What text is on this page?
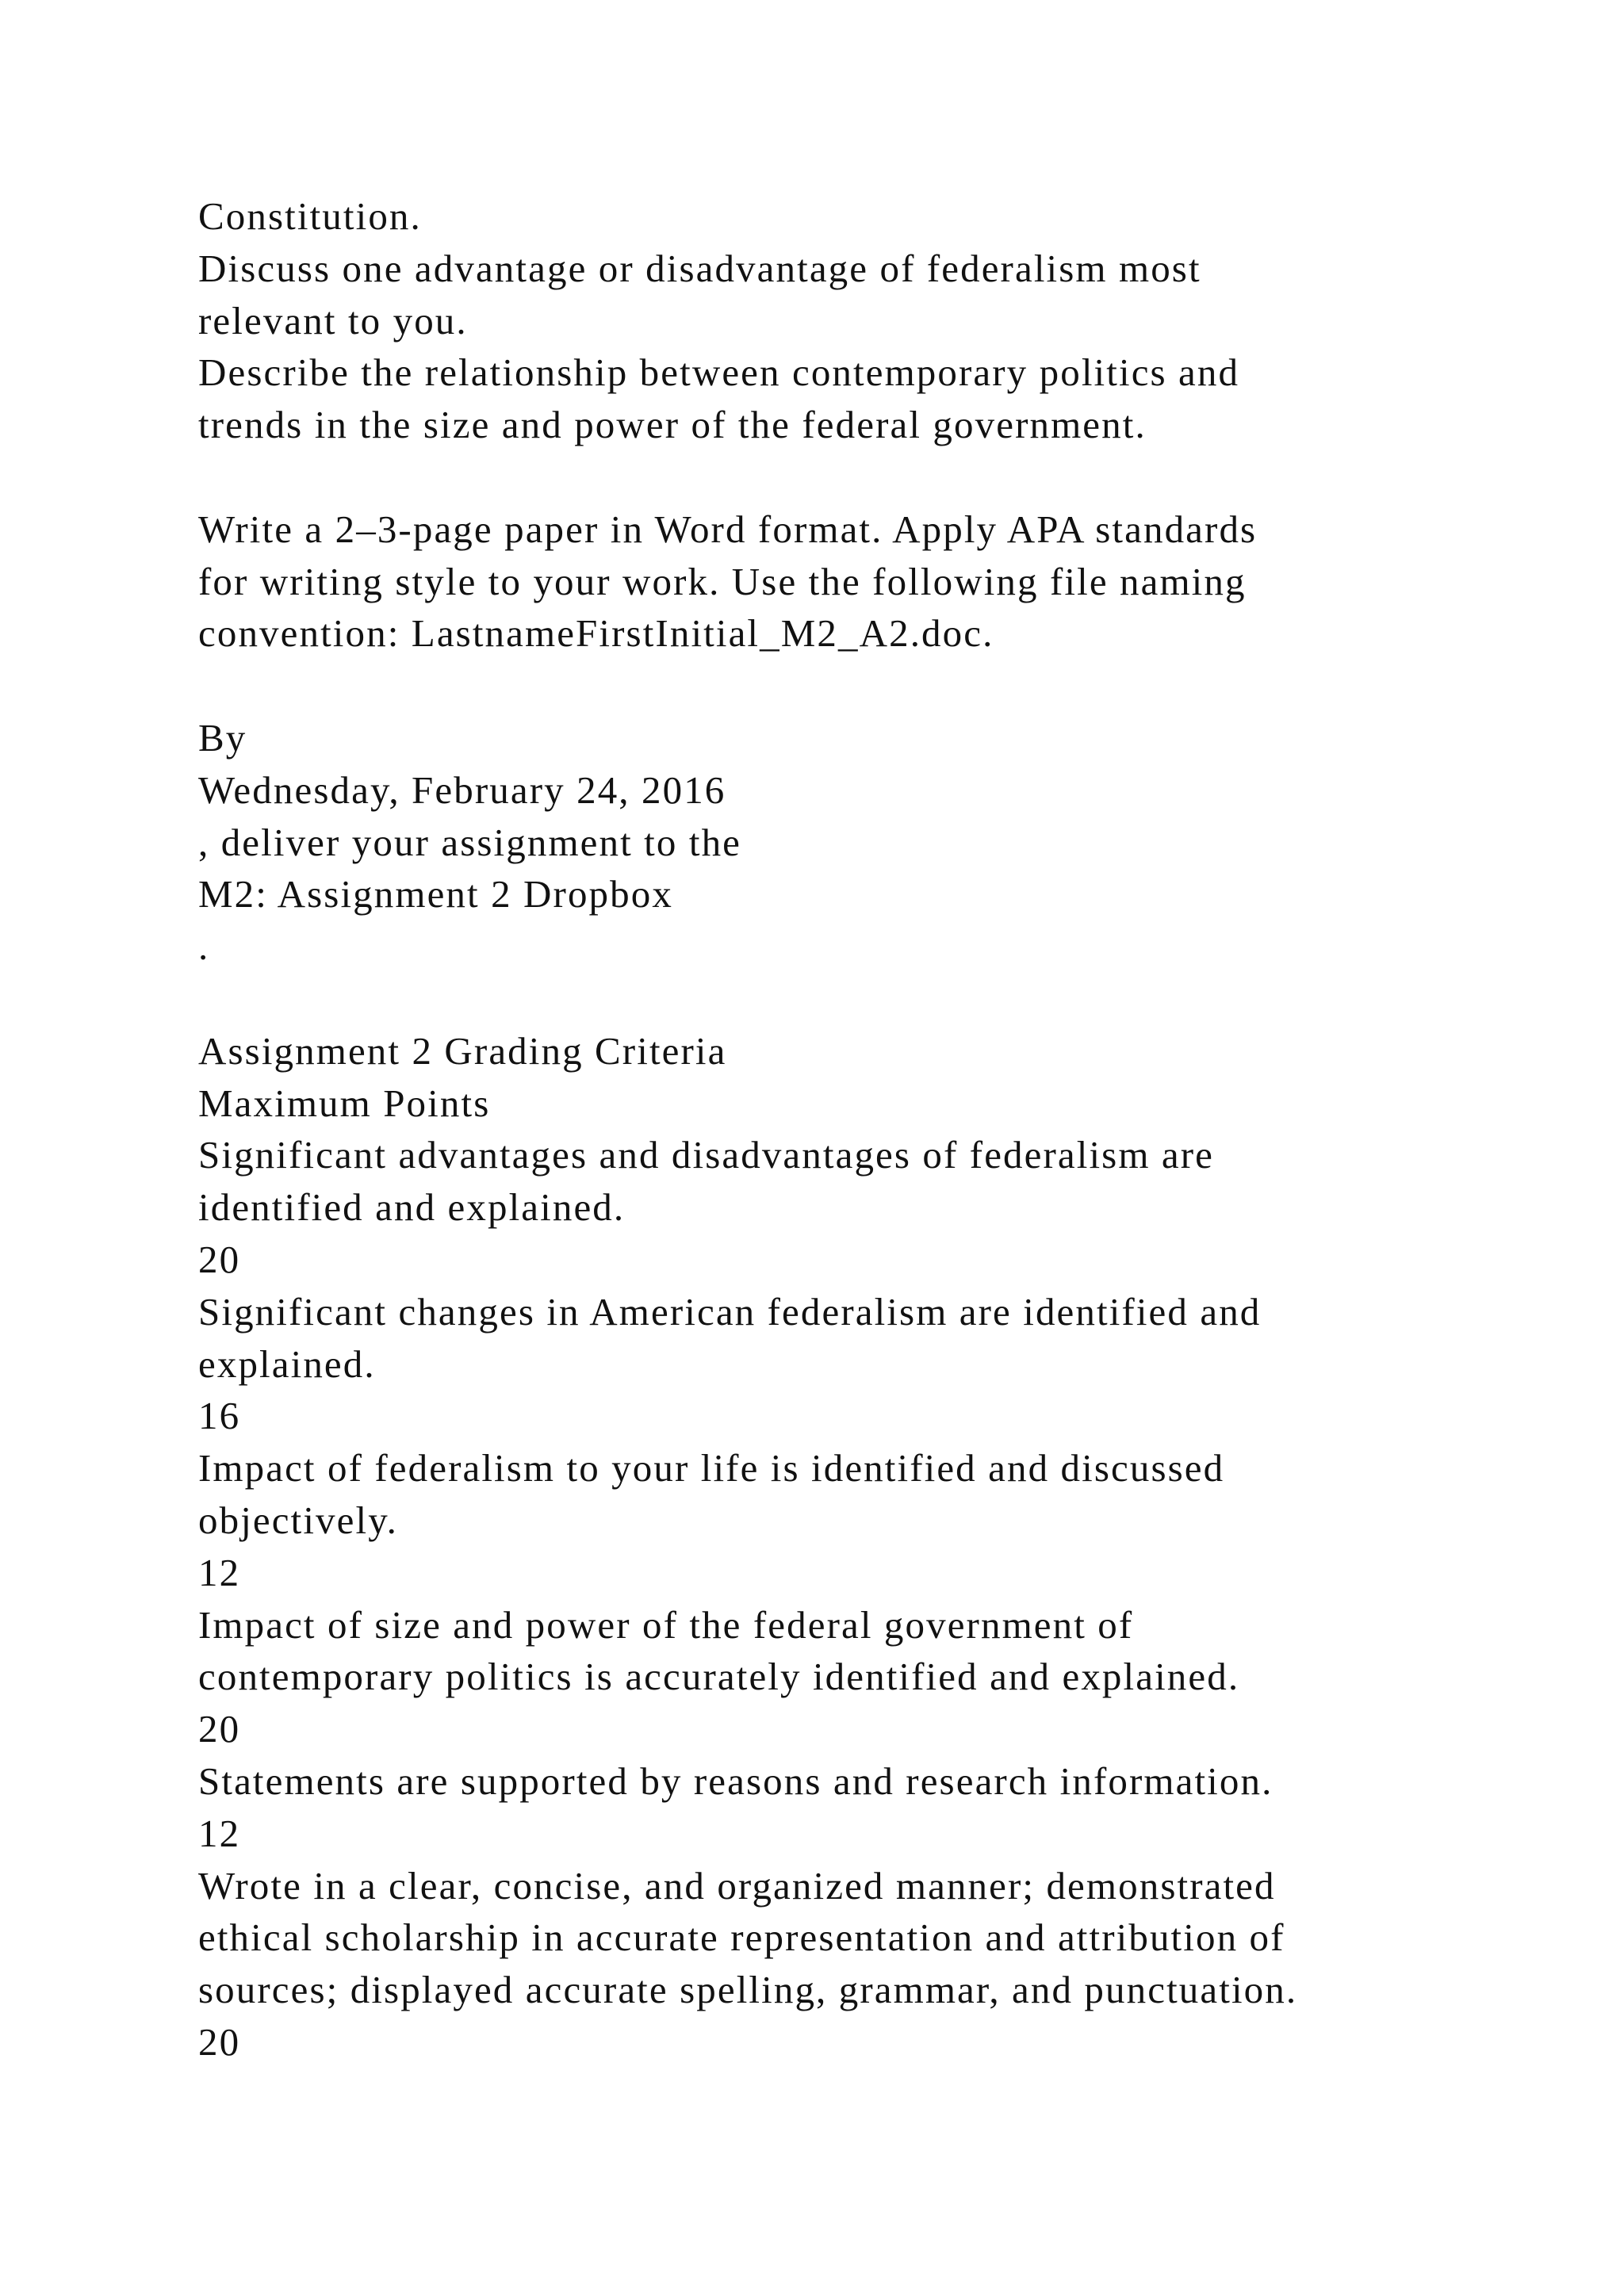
Constitution.
Discuss one advantage or disadvantage of federalism most
relevant to you.
Describe the relationship between contemporary politics and
trends in the size and power of the federal government.
Write a 2–3-page paper in Word format. Apply APA standards
for writing style to your work. Use the following file naming
convention: LastnameFirstInitial_M2_A2.doc.
By
Wednesday, February 24, 2016
, deliver your assignment to the
M2: Assignment 2 Dropbox
.
Assignment 2 Grading Criteria
Maximum Points
Significant advantages and disadvantages of federalism are
identified and explained.
20
Significant changes in American federalism are identified and
explained.
16
Impact of federalism to your life is identified and discussed
objectively.
12
Impact of size and power of the federal government of
contemporary politics is accurately identified and explained.
20
Statements are supported by reasons and research information.
12
Wrote in a clear, concise, and organized manner; demonstrated
ethical scholarship in accurate representation and attribution of
sources; displayed accurate spelling, grammar, and punctuation.
20
